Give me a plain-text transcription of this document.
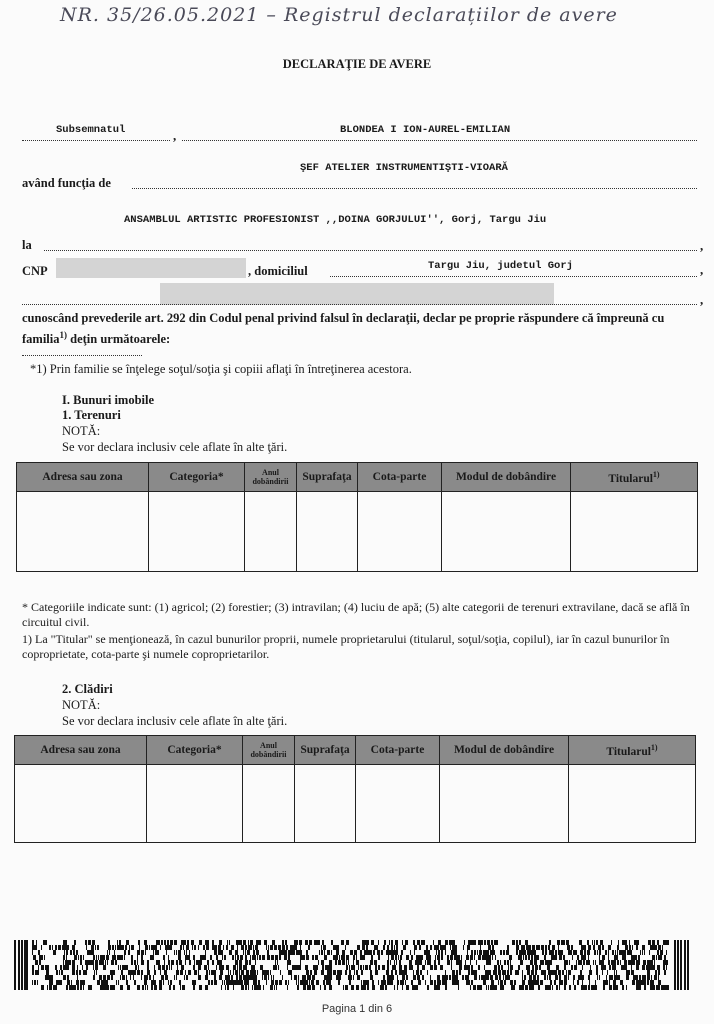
NR. 35/26.05.2021 – Registrul declarațiilor de avere
DECLARAŢIE DE AVERE
Subsemnatul	,	BLONDEA I ION-AUREL-EMILIAN
ŞEF ATELIER INSTRUMENTIŞTI-VIOARĂ
având funcţia de
ANSAMBLUL ARTISTIC PROFESIONIST ,,DOINA GORJULUI'', Gorj, Targu Jiu
la	,
CNP	, domiciliul	Targu Jiu, judetul Gorj	,
,
cunoscând prevederile art. 292 din Codul penal privind falsul în declaraţii, declar pe proprie răspundere că împreună cu familia$^{1)}$ deţin următoarele:
*1) Prin familie se înţelege soţul/soţia şi copiii aflaţi în întreţinerea acestora.
I. Bunuri imobile
1. Terenuri
NOTĂ:
Se vor declara inclusiv cele aflate în alte ţări.
Adresa sau zona	Categoria*	Anul dobândirii	Suprafaţa	Cota-parte	Modul de dobândire	Titularul$^{1)}$

* Categoriile indicate sunt: (1) agricol; (2) forestier; (3) intravilan; (4) luciu de apă; (5) alte categorii de terenuri extravilane, dacă se află în circuitul civil.
1) La "Titular" se menţionează, în cazul bunurilor proprii, numele proprietarului (titularul, soţul/soţia, copilul), iar în cazul bunurilor în coproprietate, cota-parte şi numele coproprietarilor.
2. Clădiri
NOTĂ:
Se vor declara inclusiv cele aflate în alte ţări.
Adresa sau zona	Categoria*	Anul dobândirii	Suprafaţa	Cota-parte	Modul de dobândire	Titularul$^{1)}$

Pagina 1 din 6
